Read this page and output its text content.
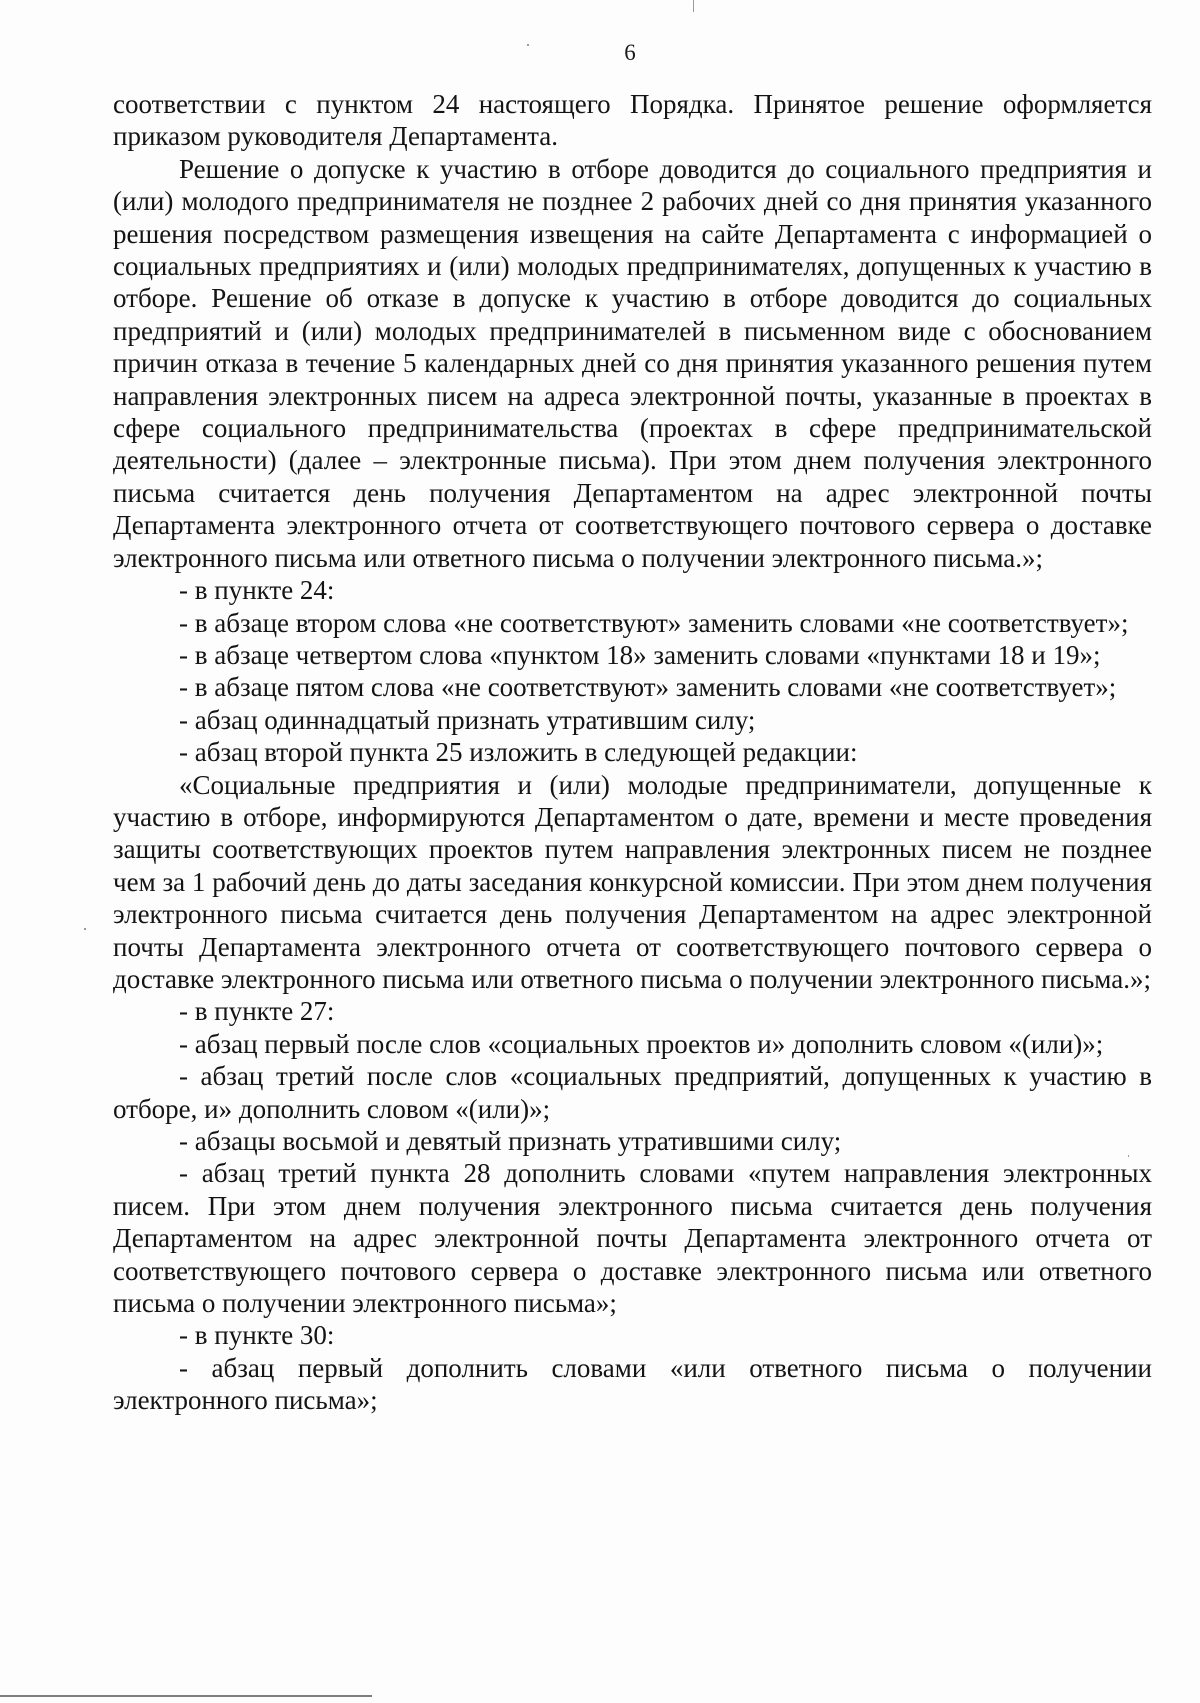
6

соответствии с пунктом 24 настоящего Порядка. Принятое решение оформляется приказом руководителя Департамента.

Решение о допуске к участию в отборе доводится до социального предприятия и (или) молодого предпринимателя не позднее 2 рабочих дней со дня принятия указанного решения посредством размещения извещения на сайте Департамента с информацией о социальных предприятиях и (или) молодых предпринимателях, допущенных к участию в отборе. Решение об отказе в допуске к участию в отборе доводится до социальных предприятий и (или) молодых предпринимателей в письменном виде с обоснованием причин отказа в течение 5 календарных дней со дня принятия указанного решения путем направления электронных писем на адреса электронной почты, указанные в проектах в сфере социального предпринимательства (проектах в сфере предпринимательской деятельности) (далее – электронные письма). При этом днем получения электронного письма считается день получения Департаментом на адрес электронной почты Департамента электронного отчета от соответствующего почтового сервера о доставке электронного письма или ответного письма о получении электронного письма.»;

- в пункте 24:

- в абзаце втором слова «не соответствуют» заменить словами «не соответствует»;

- в абзаце четвертом слова «пунктом 18» заменить словами «пунктами 18 и 19»;

- в абзаце пятом слова «не соответствуют» заменить словами «не соответствует»;

- абзац одиннадцатый признать утратившим силу;

- абзац второй пункта 25 изложить в следующей редакции:

«Социальные предприятия и (или) молодые предприниматели, допущенные к участию в отборе, информируются Департаментом о дате, времени и месте проведения защиты соответствующих проектов путем направления электронных писем не позднее чем за 1 рабочий день до даты заседания конкурсной комиссии. При этом днем получения электронного письма считается день получения Департаментом на адрес электронной почты Департамента электронного отчета от соответствующего почтового сервера о доставке электронного письма или ответного письма о получении электронного письма.»;

- в пункте 27:

- абзац первый после слов «социальных проектов и» дополнить словом «(или)»;

- абзац третий после слов «социальных предприятий, допущенных к участию в отборе, и» дополнить словом «(или)»;

- абзацы восьмой и девятый признать утратившими силу;

- абзац третий пункта 28 дополнить словами «путем направления электронных писем. При этом днем получения электронного письма считается день получения Департаментом на адрес электронной почты Департамента электронного отчета от соответствующего почтового сервера о доставке электронного письма или ответного письма о получении электронного письма»;

- в пункте 30:

- абзац первый дополнить словами «или ответного письма о получении электронного письма»;
